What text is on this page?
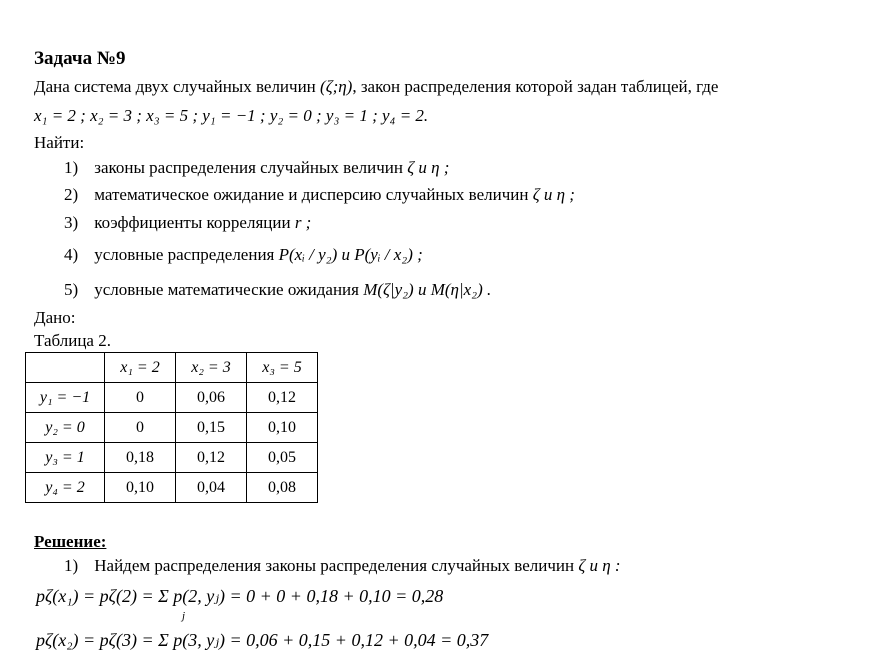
Задача №9
Дана система двух случайных величин (ζ;η), закон распределения которой задан таблицей, где
x₁ = 2 ; x₂ = 3 ; x₃ = 5 ; y₁ = −1 ; y₂ = 0 ; y₃ = 1 ; y₄ = 2.
Найти:
1) законы распределения случайных величин ζ и η ;
2) математическое ожидание и дисперсию случайных величин ζ и η ;
3) коэффициенты корреляции r ;
4) условные распределения P(xᵢ / y₂) и P(yᵢ / x₂) ;
5) условные математические ожидания M(ζ|y₂) и M(η|x₂) .
Дано:
Таблица 2.
	x₁ = 2	x₂ = 3	x₃ = 5
y₁ = −1	0	0,06	0,12
y₂ = 0	0	0,15	0,10
y₃ = 1	0,18	0,12	0,05
y₄ = 2	0,10	0,04	0,08
Решение:
1) Найдем распределения законы распределения случайных величин ζ и η :
pζ(x₁) = pζ(2) = Σ p(2, yⱼ) = 0 + 0 + 0,18 + 0,10 = 0,28
j
pζ(x₂) = pζ(3) = Σ p(3, yⱼ) = 0,06 + 0,15 + 0,12 + 0,04 = 0,37
